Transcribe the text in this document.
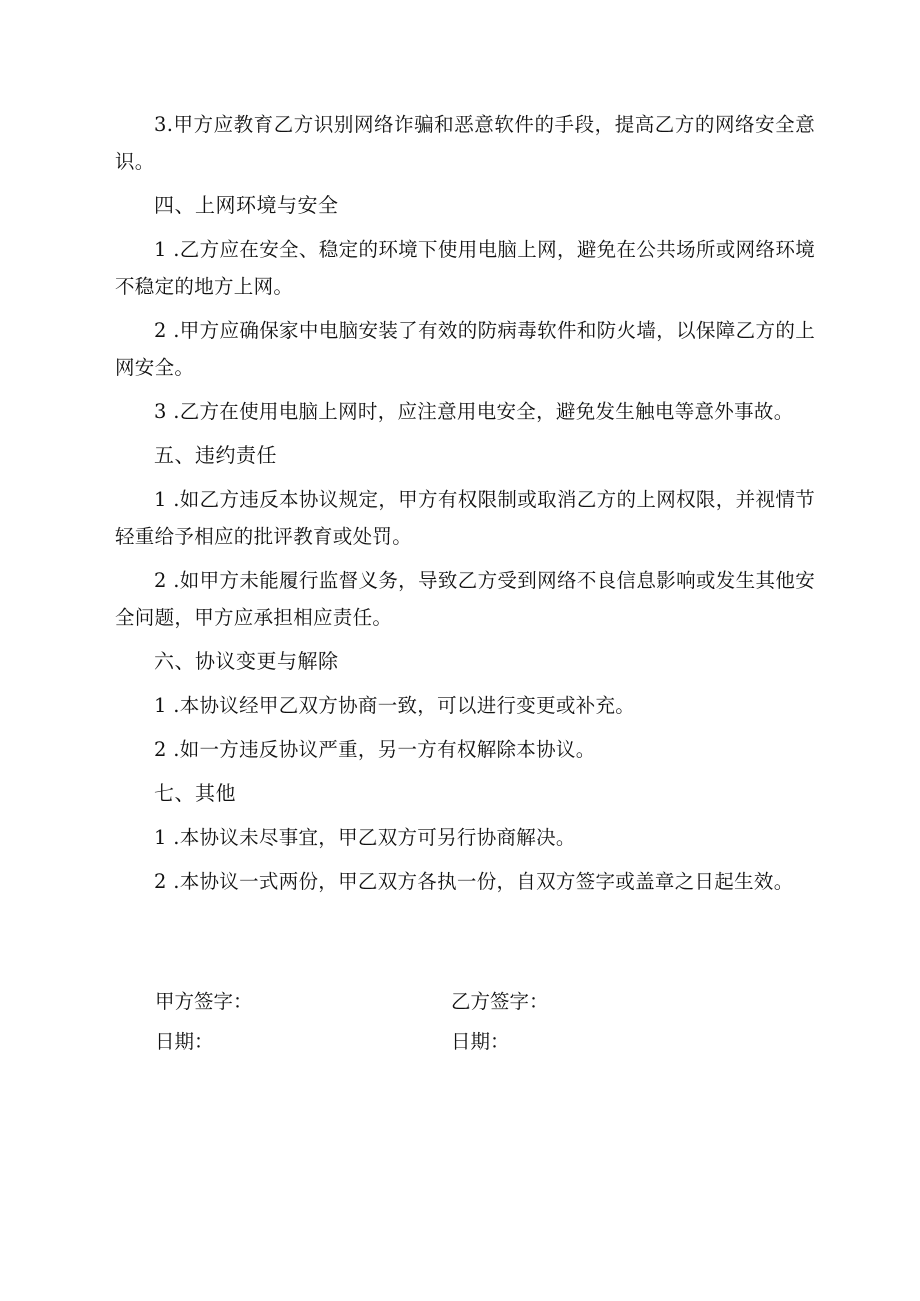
3.甲方应教育乙方识别网络诈骗和恶意软件的手段，提高乙方的网络安全意识。

四、上网环境与安全

1 .乙方应在安全、稳定的环境下使用电脑上网，避免在公共场所或网络环境不稳定的地方上网。

2 .甲方应确保家中电脑安装了有效的防病毒软件和防火墙，以保障乙方的上网安全。

3 .乙方在使用电脑上网时，应注意用电安全，避免发生触电等意外事故。

五、违约责任

1 .如乙方违反本协议规定，甲方有权限制或取消乙方的上网权限，并视情节轻重给予相应的批评教育或处罚。

2 .如甲方未能履行监督义务，导致乙方受到网络不良信息影响或发生其他安全问题，甲方应承担相应责任。

六、协议变更与解除

1 .本协议经甲乙双方协商一致，可以进行变更或补充。

2 .如一方违反协议严重，另一方有权解除本协议。

七、其他

1 .本协议未尽事宜，甲乙双方可另行协商解决。

2 .本协议一式两份，甲乙双方各执一份，自双方签字或盖章之日起生效。

甲方签字：	乙方签字：
日期：	日期：
